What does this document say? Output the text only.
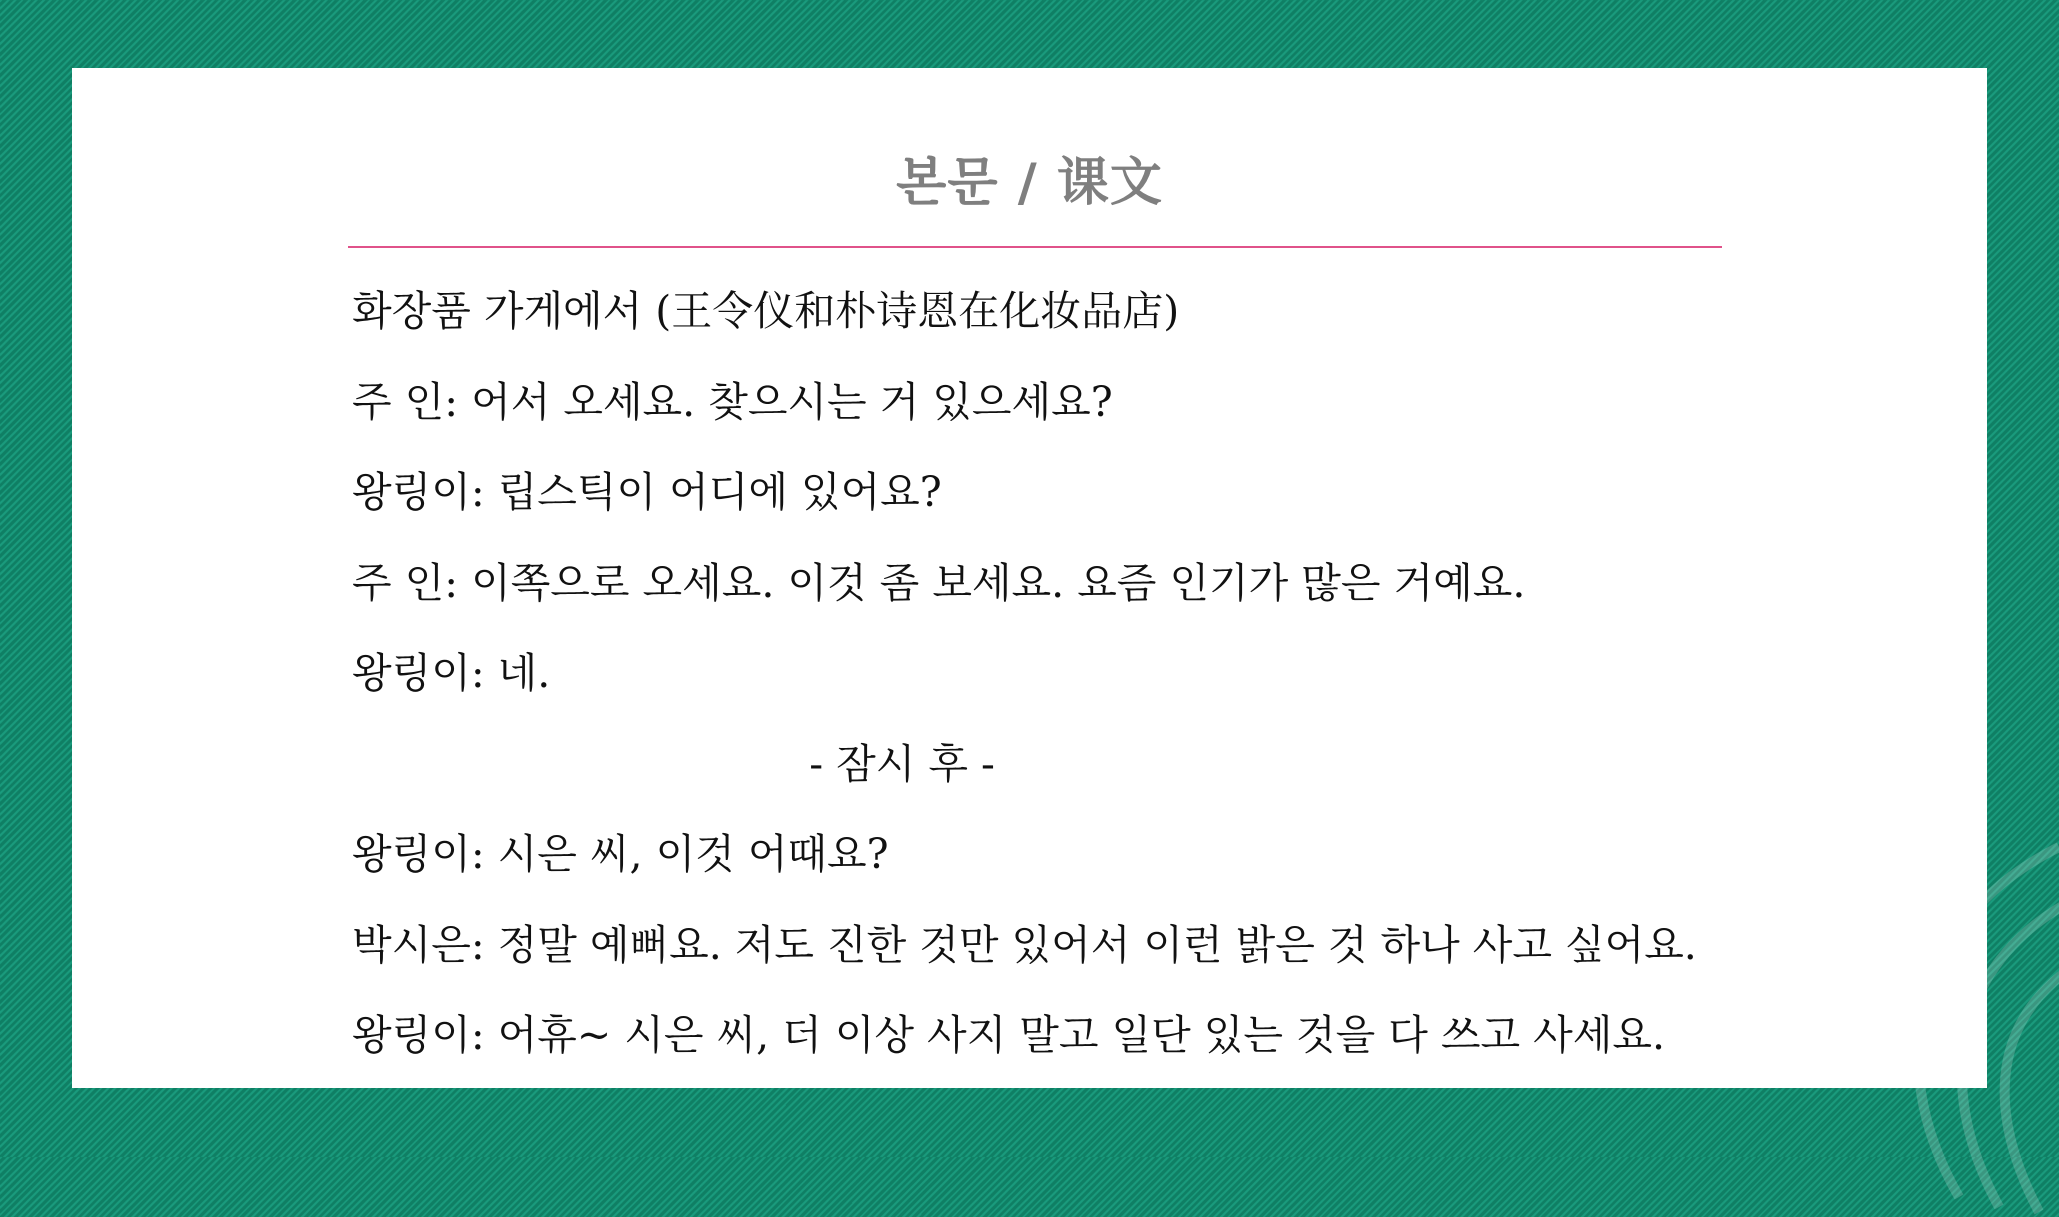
본문 / 课文
화장품 가게에서 (王令仪和朴诗恩在化妆品店)
주 인: 어서 오세요. 찾으시는 거 있으세요?
왕링이: 립스틱이 어디에 있어요?
주 인: 이쪽으로 오세요. 이것 좀 보세요. 요즘 인기가 많은 거예요.
왕링이: 네.
- 잠시 후 -
왕링이: 시은 씨, 이것 어때요?
박시은: 정말 예뻐요. 저도 진한 것만 있어서 이런 밝은 것 하나 사고 싶어요.
왕링이: 어휴~ 시은 씨, 더 이상 사지 말고 일단 있는 것을 다 쓰고 사세요.
